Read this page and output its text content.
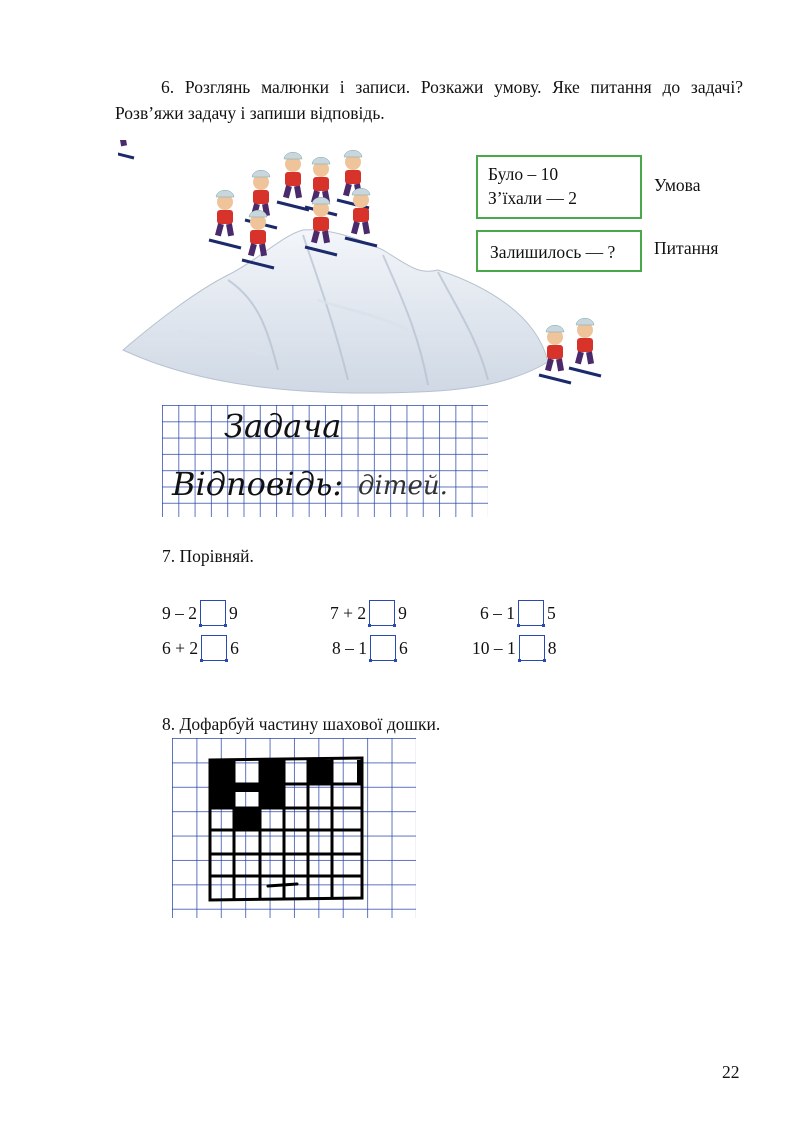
6. Розглянь малюнки і записи. Розкажи умову. Яке питання до задачі? Розв’яжи задачу і запиши відповідь.
Було – 10
З’їхали — 2
Умова
Залишилось — ?	Питання
Задача
Відповідь: дітей.
7. Порівняй.
9 – 2 9	7 + 2 9	6 – 1 5
6 + 2 6	8 – 1 6	10 – 1 8
8. Дофарбуй частину шахової дошки.
22
